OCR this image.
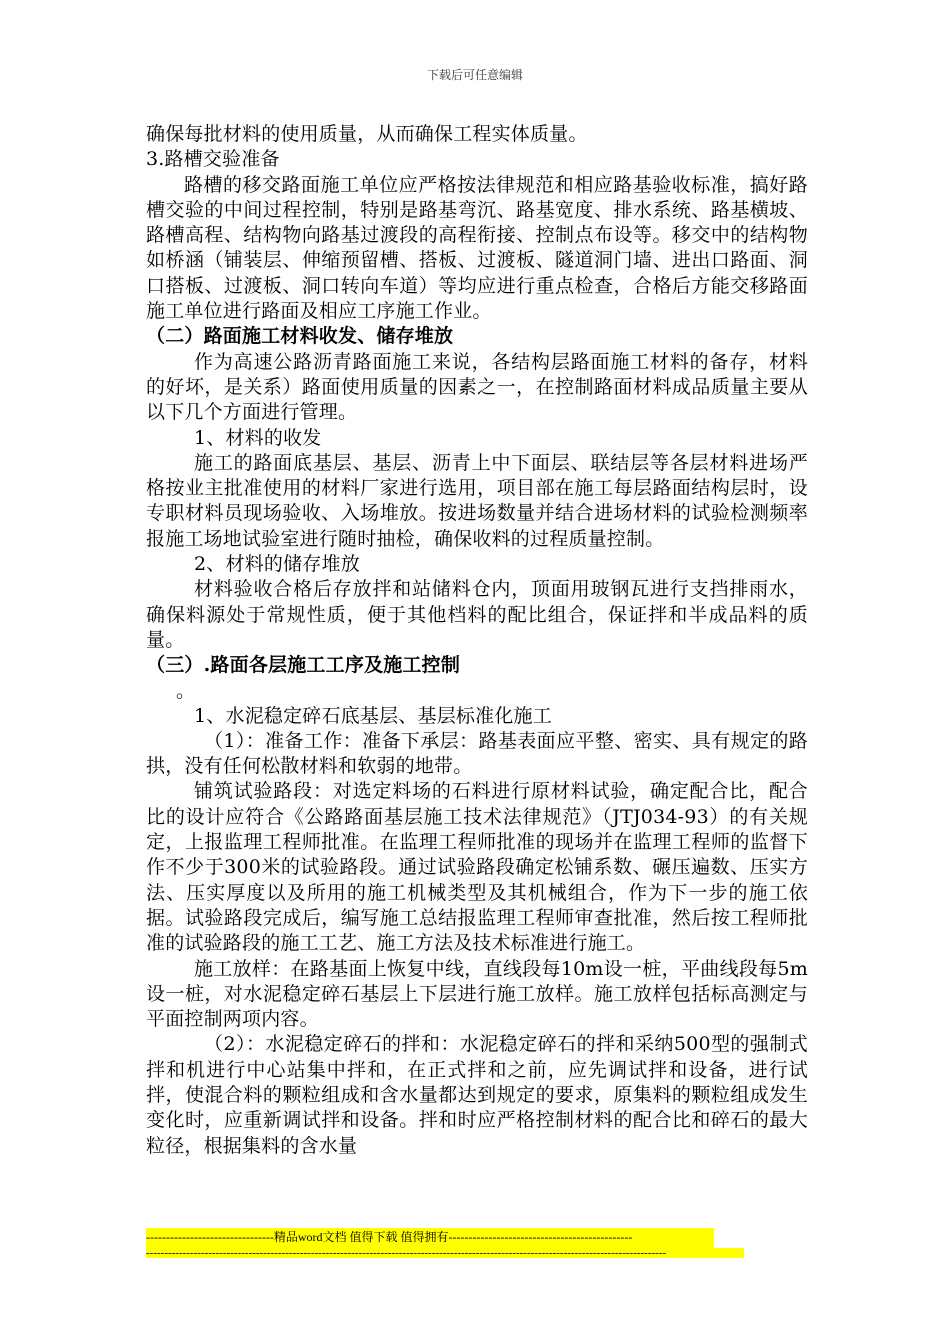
下载后可任意编辑

确保每批材料的使用质量，从而确保工程实体质量。

3.路槽交验准备

路槽的移交路面施工单位应严格按法律规范和相应路基验收标准，搞好路槽交验的中间过程控制，特别是路基弯沉、路基宽度、排水系统、路基横坡、路槽高程、结构物向路基过渡段的高程衔接、控制点布设等。移交中的结构物如桥涵（铺装层、伸缩预留槽、搭板、过渡板、隧道洞门墙、进出口路面、洞口搭板、过渡板、洞口转向车道）等均应进行重点检查，合格后方能交移路面施工单位进行路面及相应工序施工作业。

（二）路面施工材料收发、储存堆放

作为高速公路沥青路面施工来说，各结构层路面施工材料的备存，材料的好坏，是关系）路面使用质量的因素之一，在控制路面材料成品质量主要从以下几个方面进行管理。

1、材料的收发

施工的路面底基层、基层、沥青上中下面层、联结层等各层材料进场严格按业主批准使用的材料厂家进行选用，项目部在施工每层路面结构层时，设专职材料员现场验收、入场堆放。按进场数量并结合进场材料的试验检测频率报施工场地试验室进行随时抽检，确保收料的过程质量控制。

2、材料的储存堆放

材料验收合格后存放拌和站储料仓内，顶面用玻钢瓦进行支挡排雨水，确保料源处于常规性质，便于其他档料的配比组合，保证拌和半成品料的质量。

（三）.路面各层施工工序及施工控制

。

1、水泥稳定碎石底基层、基层标准化施工

（1）：准备工作：准备下承层：路基表面应平整、密实、具有规定的路拱，没有任何松散材料和软弱的地带。

铺筑试验路段：对选定料场的石料进行原材料试验，确定配合比，配合比的设计应符合《公路路面基层施工技术法律规范》（JTJ034-93）的有关规定，上报监理工程师批准。在监理工程师批准的现场并在监理工程师的监督下作不少于300米的试验路段。通过试验路段确定松铺系数、碾压遍数、压实方法、压实厚度以及所用的施工机械类型及其机械组合，作为下一步的施工依据。试验路段完成后，编写施工总结报监理工程师审查批准，然后按工程师批准的试验路段的施工工艺、施工方法及技术标准进行施工。

施工放样：在路基面上恢复中线，直线段每10m设一桩，平曲线段每5m设一桩，对水泥稳定碎石基层上下层进行施工放样。施工放样包括标高测定与平面控制两项内容。

（2）：水泥稳定碎石的拌和：水泥稳定碎石的拌和采纳500型的强制式拌和机进行中心站集中拌和，在正式拌和之前，应先调试拌和设备，进行试拌，使混合料的颗粒组成和含水量都达到规定的要求，原集料的颗粒组成发生变化时，应重新调试拌和设备。拌和时应严格控制材料的配合比和碎石的最大粒径，根据集料的含水量

--------------------------------精品word文档 值得下载 值得拥有----------------------------------------------
----------------------------------------------------------------------------------------------------------------------------------------------
